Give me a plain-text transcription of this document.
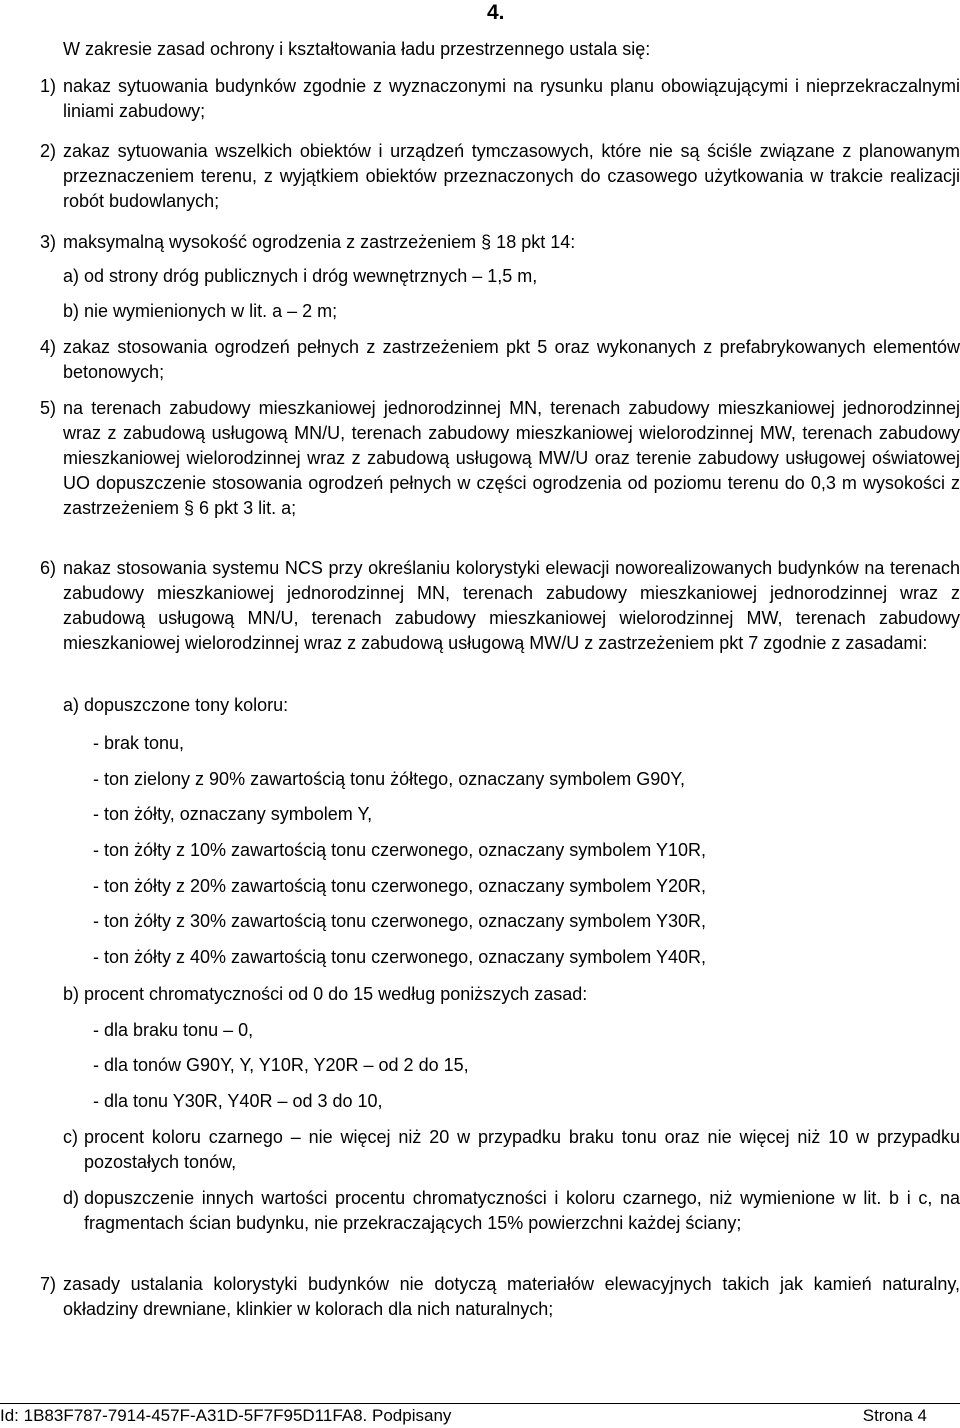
4.
W zakresie zasad ochrony i kształtowania ładu przestrzennego ustala się:
1) nakaz sytuowania budynków zgodnie z wyznaczonymi na rysunku planu obowiązującymi i nieprzekraczalnymi liniami zabudowy;
2) zakaz sytuowania wszelkich obiektów i urządzeń tymczasowych, które nie są ściśle związane z planowanym przeznaczeniem terenu, z wyjątkiem obiektów przeznaczonych do czasowego użytkowania w trakcie realizacji robót budowlanych;
3) maksymalną wysokość ogrodzenia z zastrzeżeniem § 18 pkt 14:
a) od strony dróg publicznych i dróg wewnętrznych – 1,5 m,
b) nie wymienionych w lit. a – 2 m;
4) zakaz stosowania ogrodzeń pełnych z zastrzeżeniem pkt 5 oraz wykonanych z prefabrykowanych elementów betonowych;
5) na terenach zabudowy mieszkaniowej jednorodzinnej MN, terenach zabudowy mieszkaniowej jednorodzinnej wraz z zabudową usługową MN/U, terenach zabudowy mieszkaniowej wielorodzinnej MW, terenach zabudowy mieszkaniowej wielorodzinnej wraz z zabudową usługową MW/U oraz terenie zabudowy usługowej oświatowej UO dopuszczenie stosowania ogrodzeń pełnych w części ogrodzenia od poziomu terenu do 0,3 m wysokości z zastrzeżeniem § 6 pkt 3 lit. a;
6) nakaz stosowania systemu NCS przy określaniu kolorystyki elewacji noworealizowanych budynków na terenach zabudowy mieszkaniowej jednorodzinnej MN, terenach zabudowy mieszkaniowej jednorodzinnej wraz z zabudową usługową MN/U, terenach zabudowy mieszkaniowej wielorodzinnej MW, terenach zabudowy mieszkaniowej wielorodzinnej wraz z zabudową usługową MW/U z zastrzeżeniem pkt 7 zgodnie z zasadami:
a) dopuszczone tony koloru:
- brak tonu,
- ton zielony z 90% zawartością tonu żółtego, oznaczany symbolem G90Y,
- ton żółty, oznaczany symbolem Y,
- ton żółty z 10% zawartością tonu czerwonego, oznaczany symbolem Y10R,
- ton żółty z 20% zawartością tonu czerwonego, oznaczany symbolem Y20R,
- ton żółty z 30% zawartością tonu czerwonego, oznaczany symbolem Y30R,
- ton żółty z 40% zawartością tonu czerwonego, oznaczany symbolem Y40R,
b) procent chromatyczności od 0 do 15 według poniższych zasad:
- dla braku tonu – 0,
- dla tonów G90Y, Y, Y10R, Y20R – od 2 do 15,
- dla tonu Y30R, Y40R – od 3 do 10,
c) procent koloru czarnego – nie więcej niż 20 w przypadku braku tonu oraz nie więcej niż 10 w przypadku pozostałych tonów,
d) dopuszczenie innych wartości procentu chromatyczności i koloru czarnego, niż wymienione w lit. b i c, na fragmentach ścian budynku, nie przekraczających 15% powierzchni każdej ściany;
7) zasady ustalania kolorystyki budynków nie dotyczą materiałów elewacyjnych takich jak kamień naturalny, okładziny drewniane, klinkier w kolorach dla nich naturalnych;
Id: 1B83F787-7914-457F-A31D-5F7F95D11FA8. Podpisany	Strona 4
